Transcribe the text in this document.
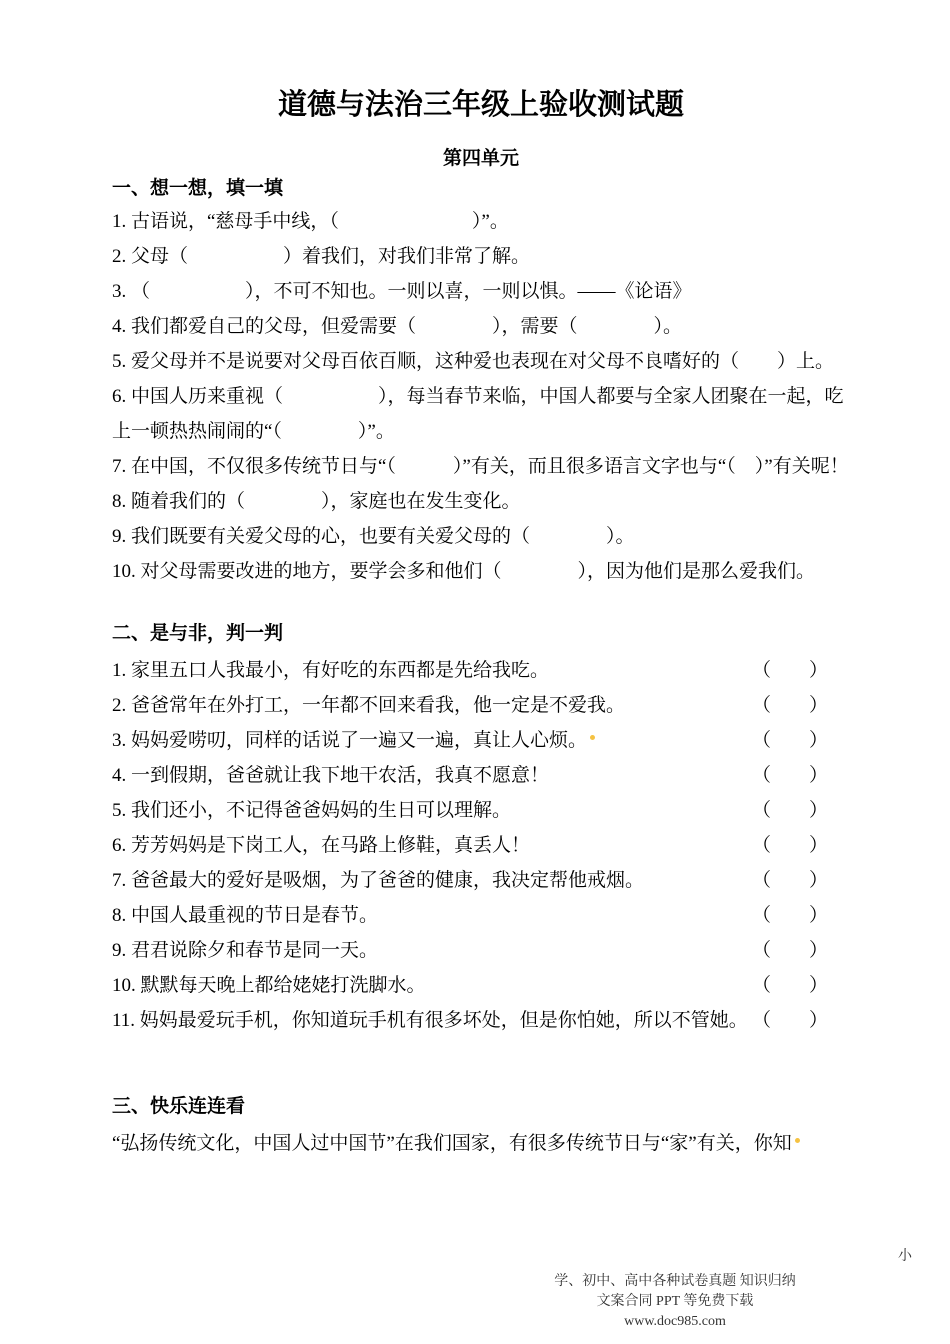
道德与法治三年级上验收测试题
第四单元
一、想一想，填一填
1. 古语说，“慈母手中线，（　　　　　　　）”。
2. 父母（　　　　　）着我们，对我们非常了解。
3. （　　　　　），不可不知也。一则以喜，一则以惧。——《论语》
4. 我们都爱自己的父母，但爱需要（　　　　），需要（　　　　）。
5. 爱父母并不是说要对父母百依百顺，这种爱也表现在对父母不良嗜好的（　　）上。
6. 中国人历来重视（　　　　　），每当春节来临，中国人都要与全家人团聚在一起，吃上一顿热热闹闹的“（　　　　）”。
7. 在中国，不仅很多传统节日与“（　　　）”有关，而且很多语言文字也与“（　）”有关呢！
8. 随着我们的（　　　　），家庭也在发生变化。
9. 我们既要有关爱父母的心，也要有关爱父母的（　　　　）。
10. 对父母需要改进的地方，要学会多和他们（　　　　），因为他们是那么爱我们。
二、是与非，判一判
1. 家里五口人我最小，有好吃的东西都是先给我吃。	（　　）
2. 爸爸常年在外打工，一年都不回来看我，他一定是不爱我。	（　　）
3. 妈妈爱唠叨，同样的话说了一遍又一遍，真让人心烦。	（　　）
4. 一到假期，爸爸就让我下地干农活，我真不愿意！	（　　）
5. 我们还小，不记得爸爸妈妈的生日可以理解。	（　　）
6. 芳芳妈妈是下岗工人，在马路上修鞋，真丢人！	（　　）
7. 爸爸最大的爱好是吸烟，为了爸爸的健康，我决定帮他戒烟。	（　　）
8. 中国人最重视的节日是春节。	（　　）
9. 君君说除夕和春节是同一天。	（　　）
10. 默默每天晚上都给姥姥打洗脚水。	（　　）
11. 妈妈最爱玩手机，你知道玩手机有很多坏处，但是你怕她，所以不管她。 （　　）
三、快乐连连看
“弘扬传统文化，中国人过中国节”在我们国家，有很多传统节日与“家”有关，你知
小
学、初中、高中各种试卷真题 知识归纳
文案合同 PPT 等免费下载
www.doc985.com
